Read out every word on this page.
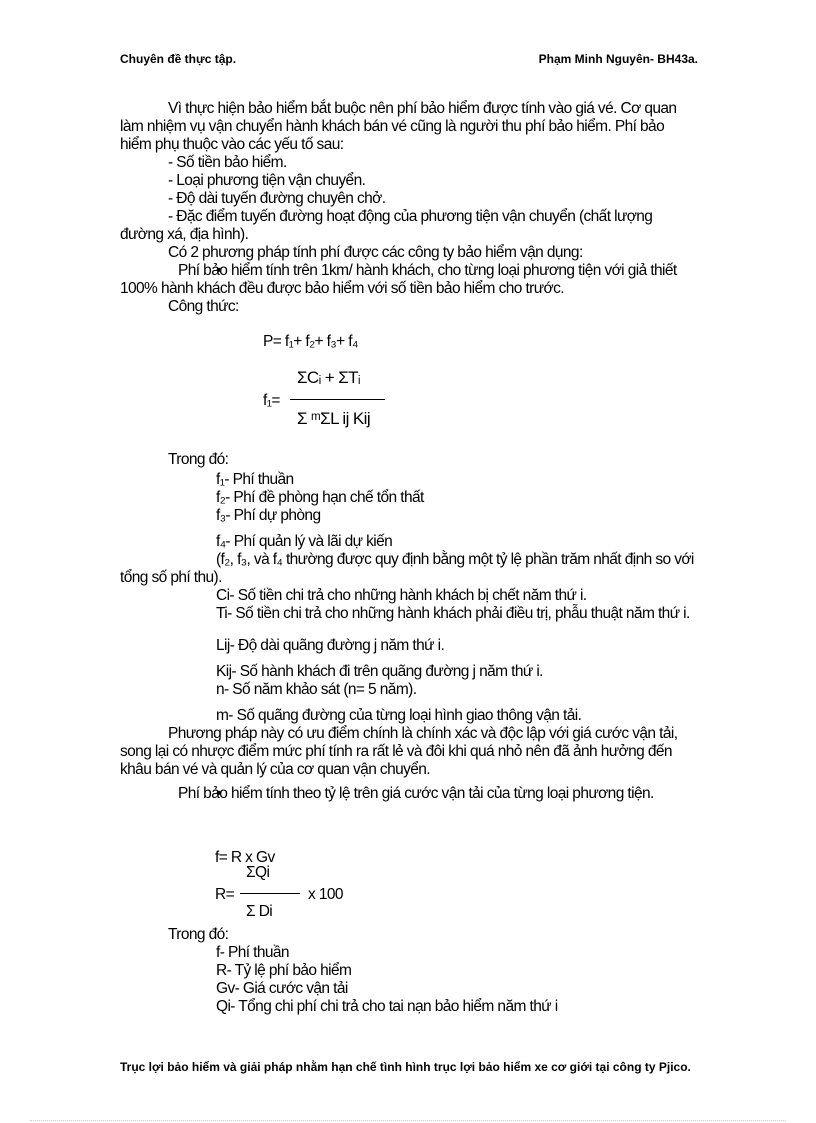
Chuyên đề thực tập.	Phạm Minh Nguyên- BH43a.

Vì thực hiện bảo hiểm bắt buộc nên phí bảo hiểm được tính vào giá vé. Cơ quan làm nhiệm vụ vận chuyển hành khách bán vé cũng là người thu phí bảo hiểm. Phí bảo hiểm phụ thuộc vào các yếu tố sau:

- Số tiền bảo hiểm.

- Loại phương tiện vận chuyển.

- Độ dài tuyến đường chuyên chở.

- Đặc điểm tuyến đường hoạt động của phương tiện vận chuyển (chất lượng đường xá, địa hình).

Có 2 phương pháp tính phí được các công ty bảo hiểm vận dụng:

• Phí bảo hiểm tính trên 1km/ hành khách, cho từng loại phương tiện với giả thiết 100% hành khách đều được bảo hiểm với số tiền bảo hiểm cho trước.

Công thức:

P= f₁+ f₂+ f₃+ f₄
f₁=
ΣCᵢ + ΣTᵢ
Σ ᵐΣL ij Kij

Trong đó:

f₁- Phí thuần

f₂- Phí đề phòng hạn chế tổn thất

f₃- Phí dự phòng

f₄- Phí quản lý và lãi dự kiến

(f₂, f₃, và f₄ thường được quy định bằng một tỷ lệ phần trăm nhất định so với tổng số phí thu).

Ci- Số tiền chi trả cho những hành khách bị chết năm thứ i.

Ti- Số tiền chi trả cho những hành khách phải điều trị, phẫu thuật năm thứ i.

Lij- Độ dài quãng đường j năm thứ i.

Kij- Số hành khách đi trên quãng đường j năm thứ i.

n- Số năm khảo sát (n= 5 năm).

m- Số quãng đường của từng loại hình giao thông vận tải.

Phương pháp này có ưu điểm chính là chính xác và độc lập với giá cước vận tải, song lại có nhược điểm mức phí tính ra rất lẻ và đôi khi quá nhỏ nên đã ảnh hưởng đến khâu bán vé và quản lý của cơ quan vận chuyển.

• Phí bảo hiểm tính theo tỷ lệ trên giá cước vận tải của từng loại phương tiện.

f= R x Gv
R=
ΣQi
Σ Di
x 100

Trong đó:

f- Phí thuần

R- Tỷ lệ phí bảo hiểm

Gv- Giá cước vận tải

Qi- Tổng chi phí chi trả cho tai nạn bảo hiểm năm thứ i

Trục lợi bảo hiểm và giải pháp nhằm hạn chế tình hình trục lợi bảo hiểm xe cơ giới tại công ty Pjico.
